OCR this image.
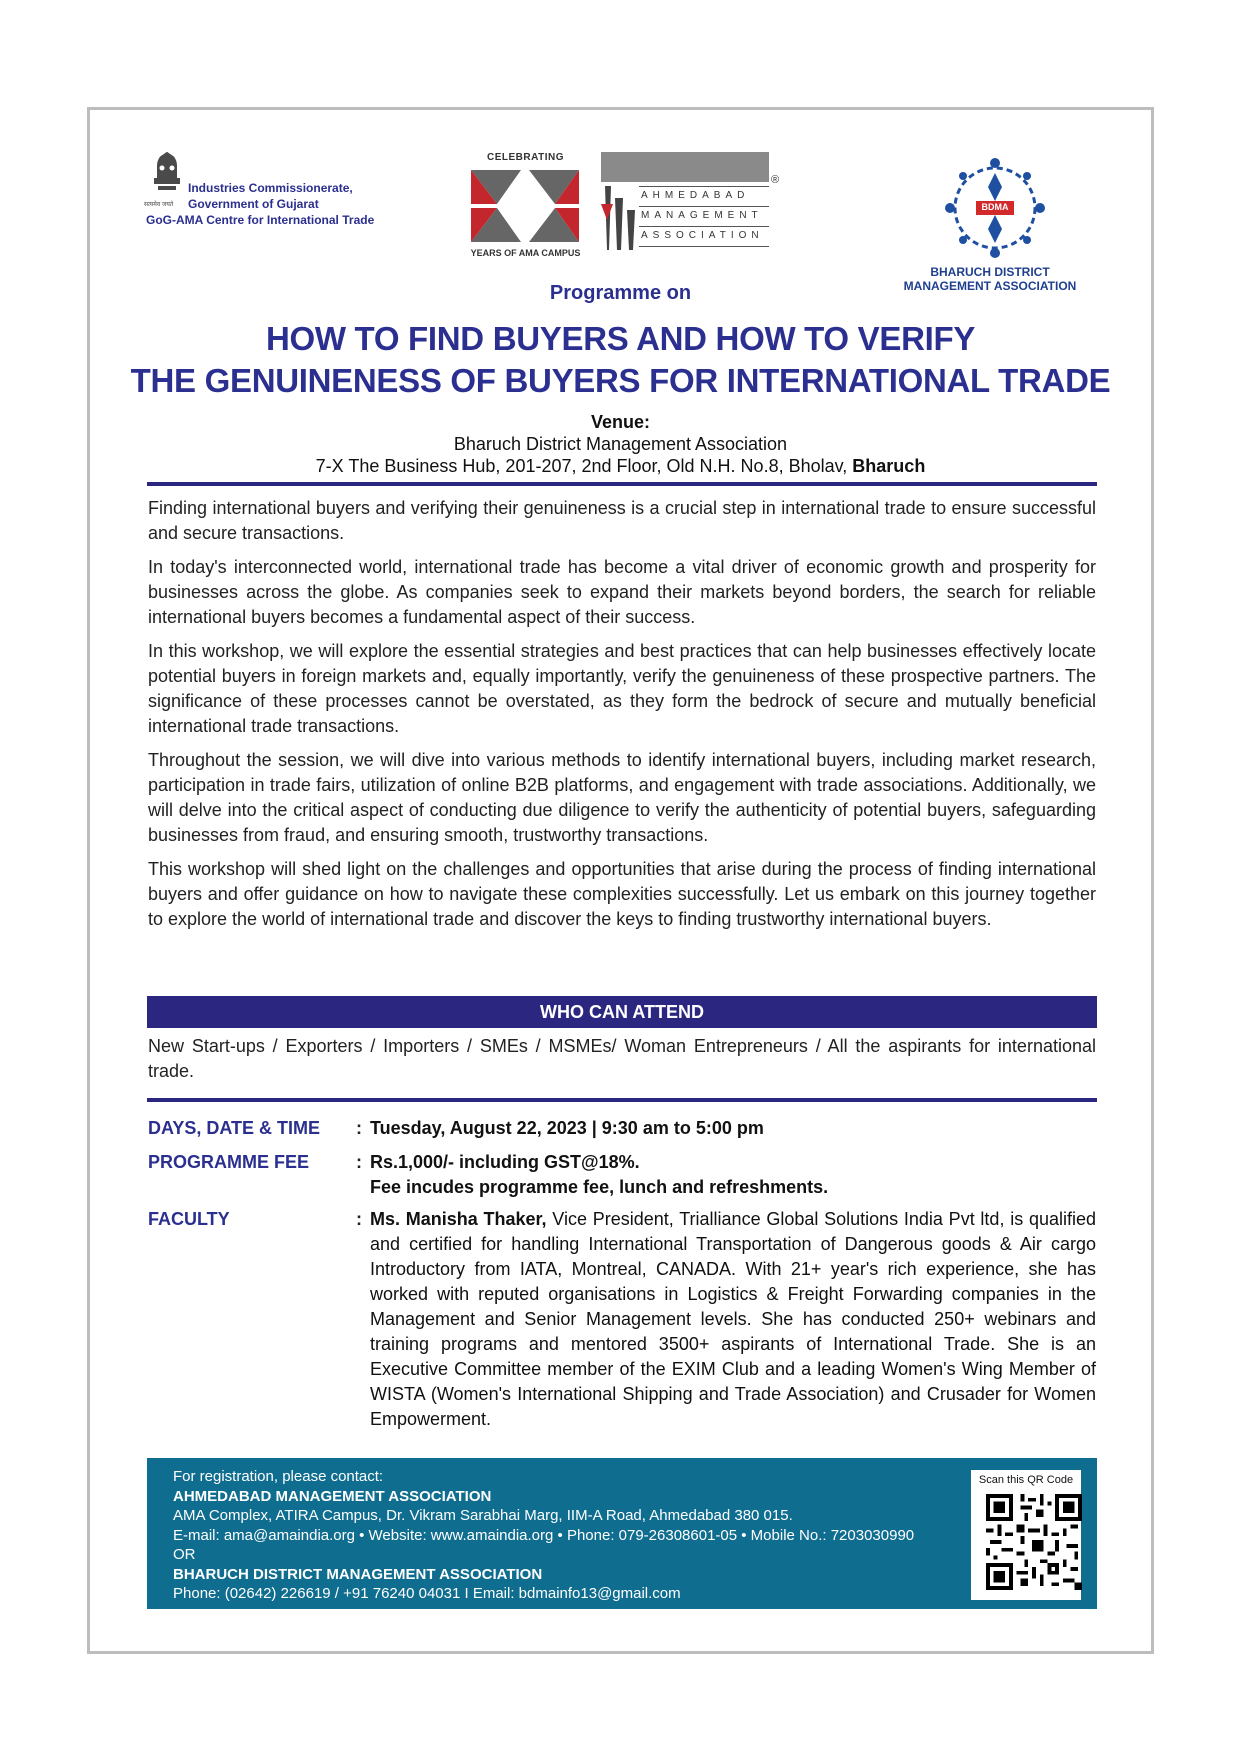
सत्यमेव जयते
Industries Commissionerate,
Government of Gujarat
GoG-AMA Centre for International Trade
CELEBRATING
YEARS OF AMA CAMPUS
®
AHMEDABAD
MANAGEMENT
ASSOCIATION
BDMA
BHARUCH DISTRICT
MANAGEMENT ASSOCIATION
Programme on
HOW TO FIND BUYERS AND HOW TO VERIFY
THE GENUINENESS OF BUYERS FOR INTERNATIONAL TRADE
Venue:
Bharuch District Management Association
7-X The Business Hub, 201-207, 2nd Floor, Old N.H. No.8, Bholav, Bharuch

Finding international buyers and verifying their genuineness is a crucial step in international trade to ensure successful and secure transactions.

In today's interconnected world, international trade has become a vital driver of economic growth and prosperity for businesses across the globe. As companies seek to expand their markets beyond borders, the search for reliable international buyers becomes a fundamental aspect of their success.

In this workshop, we will explore the essential strategies and best practices that can help businesses effectively locate potential buyers in foreign markets and, equally importantly, verify the genuineness of these prospective partners. The significance of these processes cannot be overstated, as they form the bedrock of secure and mutually beneficial international trade transactions.

Throughout the session, we will dive into various methods to identify international buyers, including market research, participation in trade fairs, utilization of online B2B platforms, and engagement with trade associations. Additionally, we will delve into the critical aspect of conducting due diligence to verify the authenticity of potential buyers, safeguarding businesses from fraud, and ensuring smooth, trustworthy transactions.

This workshop will shed light on the challenges and opportunities that arise during the process of finding international buyers and offer guidance on how to navigate these complexities successfully. Let us embark on this journey together to explore the world of international trade and discover the keys to finding trustworthy international buyers.

WHO CAN ATTEND
New Start-ups / Exporters / Importers / SMEs / MSMEs/ Woman Entrepreneurs / All the aspirants for international trade.
DAYS, DATE & TIME : Tuesday, August 22, 2023 | 9:30 am to 5:00 pm
PROGRAMME FEE	: Rs.1,000/- including GST@18%.
Fee incudes programme fee, lunch and refreshments.
FACULTY	: Ms. Manisha Thaker, Vice President, Trialliance Global Solutions India Pvt ltd, is qualified and certified for handling International Transportation of Dangerous goods & Air cargo Introductory from IATA, Montreal, CANADA. With 21+ year's rich experience, she has worked with reputed organisations in Logistics & Freight Forwarding companies in the Management and Senior Management levels. She has conducted 250+ webinars and training programs and mentored 3500+ aspirants of International Trade. She is an Executive Committee member of the EXIM Club and a leading Women's Wing Member of WISTA (Women's International Shipping and Trade Association) and Crusader for Women Empowerment.
For registration, please contact:
AHMEDABAD MANAGEMENT ASSOCIATION
AMA Complex, ATIRA Campus, Dr. Vikram Sarabhai Marg, IIM-A Road, Ahmedabad 380 015.
E-mail: ama@amaindia.org • Website: www.amaindia.org • Phone: 079-26308601-05 • Mobile No.: 7203030990
OR
BHARUCH DISTRICT MANAGEMENT ASSOCIATION
Phone: (02642) 226619 / +91 76240 04031 I Email: bdmainfo13@gmail.com
Scan this QR Code
